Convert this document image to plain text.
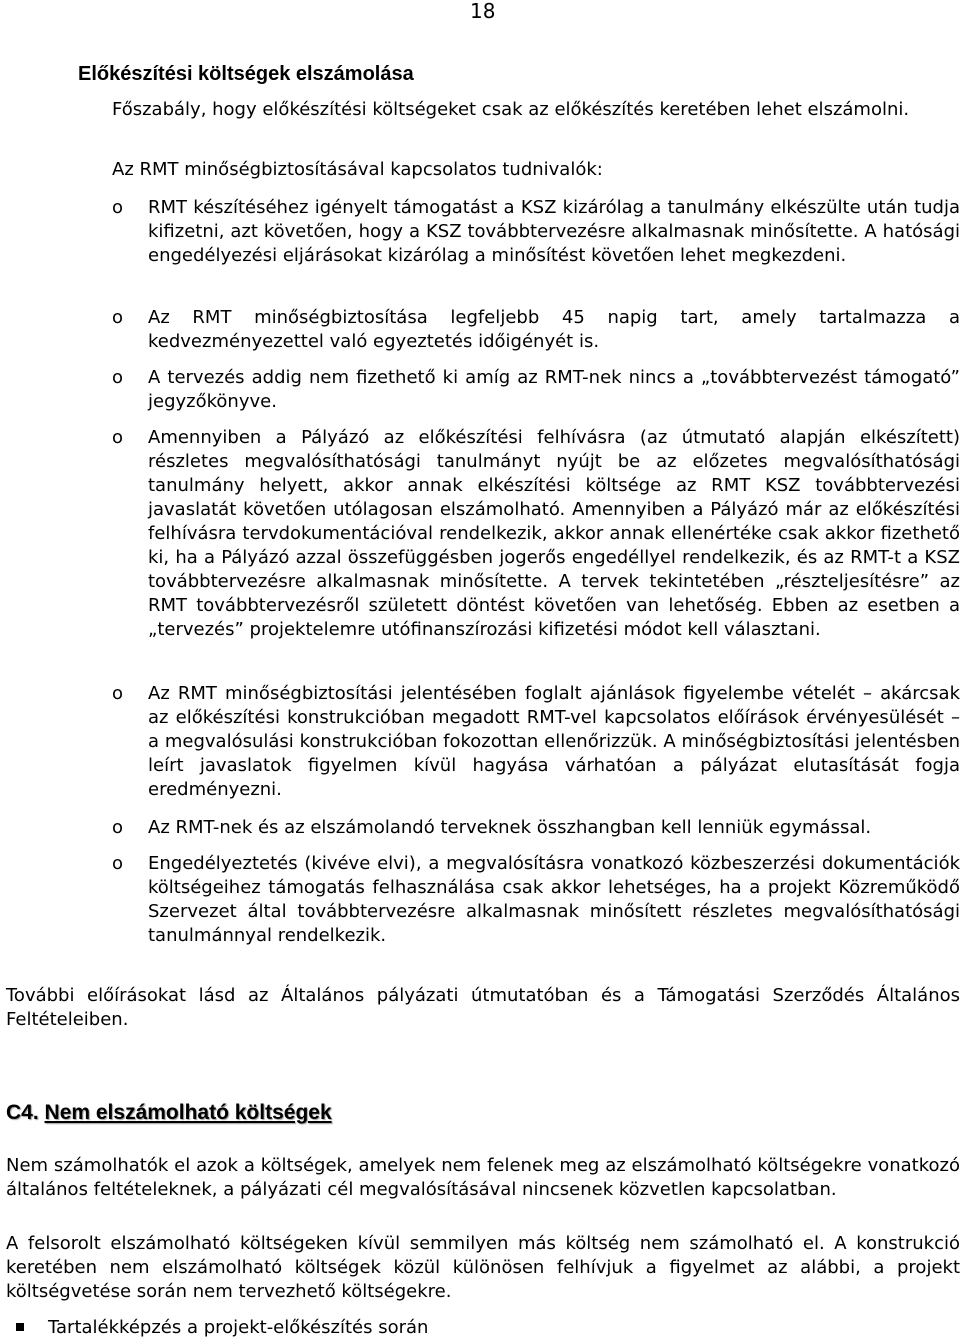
18
Előkészítési költségek elszámolása
Főszabály, hogy előkészítési költségeket csak az előkészítés keretében lehet elszámolni.
Az RMT minőségbiztosításával kapcsolatos tudnivalók:
o	RMT készítéséhez igényelt támogatást a KSZ kizárólag a tanulmány elkészülte után tudja kifizetni, azt követően, hogy a KSZ továbbtervezésre alkalmasnak minősítette. A hatósági engedélyezési eljárásokat kizárólag a minősítést követően lehet megkezdeni.
o	Az RMT minőségbiztosítása legfeljebb 45 napig tart, amely tartalmazza a kedvezményezettel való egyeztetés időigényét is.
o	A tervezés addig nem fizethető ki amíg az RMT-nek nincs a „továbbtervezést támogató” jegyzőkönyve.
o	Amennyiben a Pályázó az előkészítési felhívásra (az útmutató alapján elkészített) részletes megvalósíthatósági tanulmányt nyújt be az előzetes megvalósíthatósági tanulmány helyett, akkor annak elkészítési költsége az RMT KSZ továbbtervezési javaslatát követően utólagosan elszámolható. Amennyiben a Pályázó már az előkészítési felhívásra tervdokumentációval rendelkezik, akkor annak ellenértéke csak akkor fizethető ki, ha a Pályázó azzal összefüggésben jogerős engedéllyel rendelkezik, és az RMT-t a KSZ továbbtervezésre alkalmasnak minősítette. A tervek tekintetében „részteljesítésre” az RMT továbbtervezésről született döntést követően van lehetőség. Ebben az esetben a „tervezés” projektelemre utófinanszírozási kifizetési módot kell választani.
o	Az RMT minőségbiztosítási jelentésében foglalt ajánlások figyelembe vételét – akárcsak az előkészítési konstrukcióban megadott RMT-vel kapcsolatos előírások érvényesülését – a megvalósulási konstrukcióban fokozottan ellenőrizzük. A minőségbiztosítási jelentésben leírt javaslatok figyelmen kívül hagyása várhatóan a pályázat elutasítását fogja eredményezni.
o	Az RMT-nek és az elszámolandó terveknek összhangban kell lenniük egymással.
o	Engedélyeztetés (kivéve elvi), a megvalósításra vonatkozó közbeszerzési dokumentációk költségeihez támogatás felhasználása csak akkor lehetséges, ha a projekt Közreműködő Szervezet által továbbtervezésre alkalmasnak minősített részletes megvalósíthatósági tanulmánnyal rendelkezik.
További előírásokat lásd az Általános pályázati útmutatóban és a Támogatási Szerződés Általános Feltételeiben.
C4. Nem elszámolható költségek
Nem számolhatók el azok a költségek, amelyek nem felenek meg az elszámolható költségekre vonatkozó általános feltételeknek, a pályázati cél megvalósításával nincsenek közvetlen kapcsolatban.
A felsorolt elszámolható költségeken kívül semmilyen más költség nem számolható el. A konstrukció keretében nem elszámolható költségek közül különösen felhívjuk a figyelmet az alábbi, a projekt költségvetése során nem tervezhető költségekre.
Tartalékképzés a projekt-előkészítés során
